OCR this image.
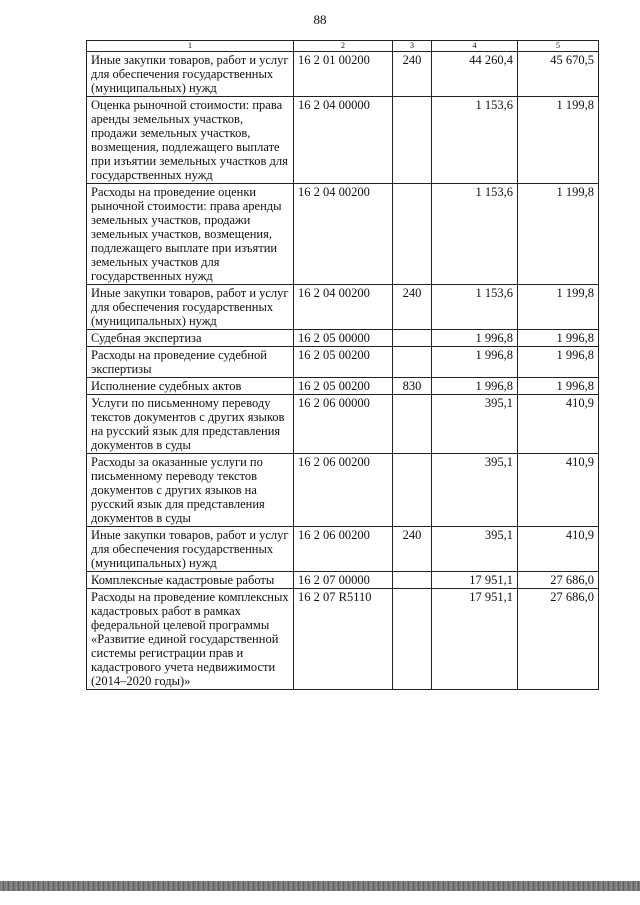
88
1	2	3	4	5
Иные закупки товаров, работ и услуг для обеспечения государственных (муниципальных) нужд	16 2 01 00200	240	44 260,4	45 670,5
Оценка рыночной стоимости: права аренды земельных участков, продажи земельных участков, возмещения, подлежащего выплате при изъятии земельных участков для государственных нужд	16 2 04 00000		1 153,6	1 199,8
Расходы на проведение оценки рыночной стоимости: права аренды земельных участков, продажи земельных участков, возмещения, подлежащего выплате при изъятии земельных участков для государственных нужд	16 2 04 00200		1 153,6	1 199,8
Иные закупки товаров, работ и услуг для обеспечения государственных (муниципальных) нужд	16 2 04 00200	240	1 153,6	1 199,8
Судебная экспертиза	16 2 05 00000		1 996,8	1 996,8
Расходы на проведение судебной экспертизы	16 2 05 00200		1 996,8	1 996,8
Исполнение судебных актов	16 2 05 00200	830	1 996,8	1 996,8
Услуги по письменному переводу текстов документов с других языков на русский язык для представления документов в суды	16 2 06 00000		395,1	410,9
Расходы за оказанные услуги по письменному переводу текстов документов с других языков на русский язык для представления документов в суды	16 2 06 00200		395,1	410,9
Иные закупки товаров, работ и услуг для обеспечения государственных (муниципальных) нужд	16 2 06 00200	240	395,1	410,9
Комплексные кадастровые работы	16 2 07 00000		17 951,1	27 686,0
Расходы на проведение комплексных кадастровых работ в рамках федеральной целевой программы «Развитие единой государственной системы регистрации прав и кадастрового учета недвижимости (2014–2020 годы)»	16 2 07 R5110		17 951,1	27 686,0
